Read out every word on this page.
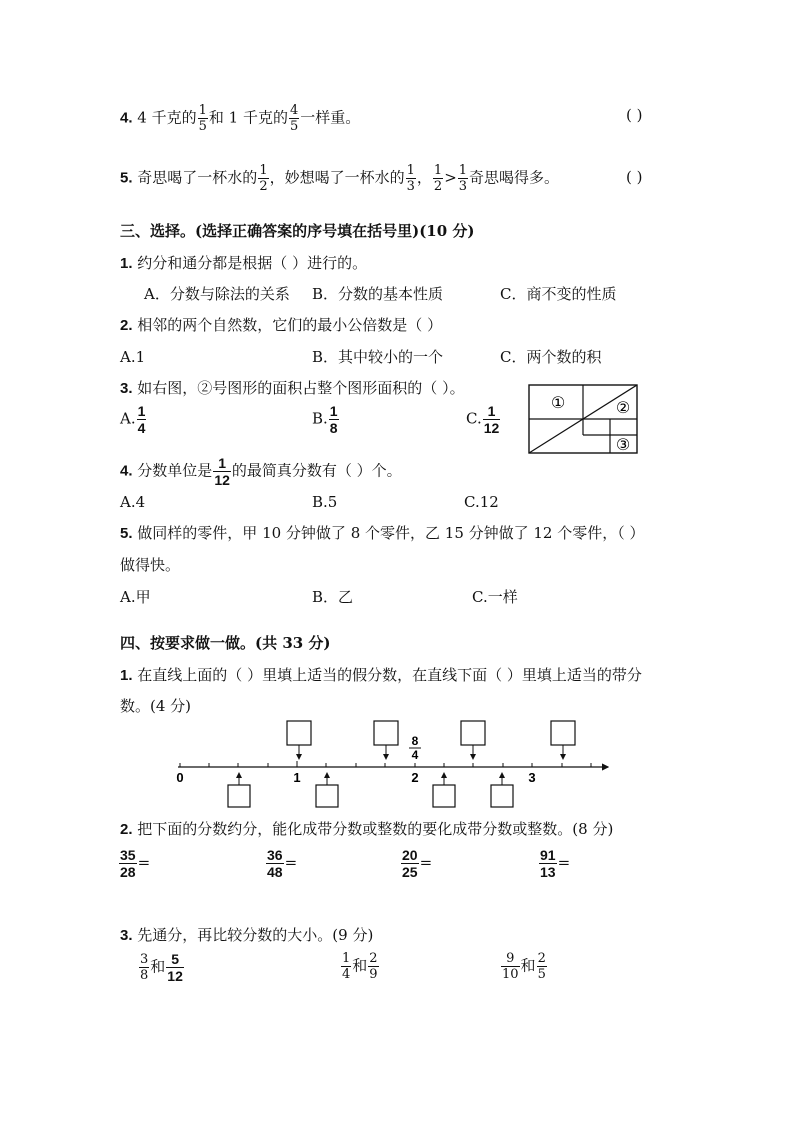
4. 4 千克的 $\frac{1}{5}$ 和 1 千克的 $\frac{4}{5}$ 一样重。	( )
5. 奇思喝了一杯水的 $\frac{1}{2}$ ，妙想喝了一杯水的 $\frac{1}{3}$ ， $\frac{1}{2} > \frac{1}{3}$ 奇思喝得多。	( )
三、选择。(选择正确答案的序号填在括号里)(10 分)
1. 约分和通分都是根据（ ）进行的。
A．分数与除法的关系 B．分数的基本性质	C．商不变的性质
2. 相邻的两个自然数，它们的最小公倍数是（ ）
A.1	B．其中较小的一个	C．两个数的积
3. 如右图，②号图形的面积占整个图形面积的（ ）。
A. $\frac{1}{4}$	B. $\frac{1}{8}$	C. $\frac{1}{12}$
①	②
③
4. 分数单位是 $\frac{1}{12}$ 的最简真分数有（ ）个。
A.4	B.5	C.12
5. 做同样的零件，甲 10 分钟做了 8 个零件，乙 15 分钟做了 12 个零件，（ ）
做得快。
A.甲	B．乙	C.一样
四、按要求做一做。(共 33 分)
1. 在直线上面的（ ）里填上适当的假分数，在直线下面（ ）里填上适当的带分
数。(4 分)
0	1	2	3
8
4
2. 把下面的分数约分，能化成带分数或整数的要化成带分数或整数。(8 分)
$\frac{35}{28}$ =	$\frac{36}{48}$ =	$\frac{20}{25}$ =	$\frac{91}{13}$ =
3. 先通分，再比较分数的大小。(9 分)
$\frac{3}{8}$ 和 $\frac{5}{12}$	$\frac{1}{4}$ 和 $\frac{2}{9}$	$\frac{9}{10}$ 和 $\frac{2}{5}$
